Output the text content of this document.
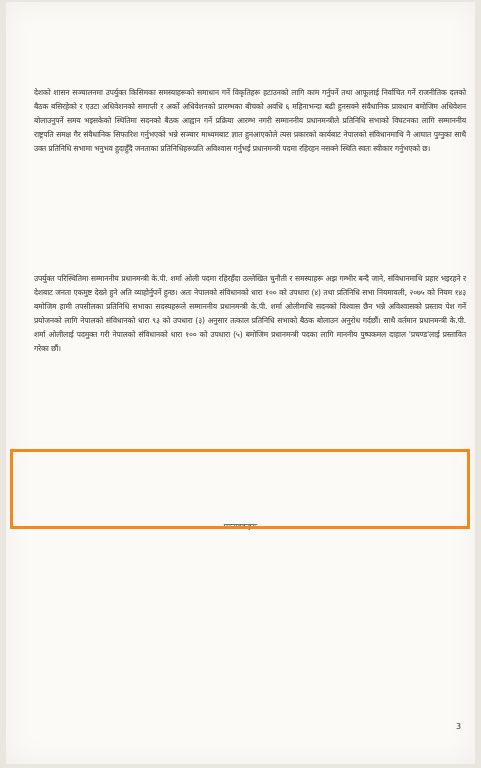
देशको शासन सञ्चालनमा उपर्युक्त किसिमका समस्याहरूको समाधान गर्ने विकृतिहरू हटाउनको लागि काम गर्नुपर्ने तथा आफूलाई निर्वाचित गर्ने राजनीतिक दलको बैठक बसिरहेको र एउटा अधिवेशनको समाप्ती र अर्को अधिवेशनको प्रारम्भका बीचको अवधि ६ महिनाभन्दा बढी हुनसक्ने संवैधानिक प्रावधान बमोजिम अधिवेशन बोलाउनुपर्ने समय भइसकेको स्थितिमा सदनको बैठक आह्वान गर्ने प्रक्रिया आरम्भ नगरी सम्माननीय प्रधानमन्त्रीले प्रतिनिधि सभाको विघटनका लागि सम्माननीय राष्ट्रपति समक्ष गैर संवैधानिक सिफारिश गर्नुभएको भन्ने सञ्चार माध्यमबाट ज्ञात हुनआएकोले त्यस प्रकारको कार्यबाट नेपालको संविधानमाथि नै आघात पुग्नुका साथै उक्त प्रतिनिधि सभामा भनुभव हुदाहुँदै जनताका प्रतिनिधिहरूप्रति अविश्वास गर्नुभई प्रधानमन्त्री पदमा रहिरहन नसक्ने स्थिति स्वतः स्वीकार गर्नुभएको छ।

उपर्युक्त परिस्थितिमा सम्माननीय प्रधानमन्त्री के.पी. शर्मा ओली पदमा रहिरहँदा उल्लेखित चुनौती र समस्याहरू अझ गम्भीर बन्दै जाने, संविधानमाथि प्रहार भइरहने र देशबाट जनता एकमुष्ट देख्ने हुने अति व्याहोर्नुपर्ने हुन्छ। अतः नेपालको संविधानको धारा १०० को उपधारा (४) तथा प्रतिनिधि सभा नियमावली, २०७५ को नियम १४३ बमोजिम हामी तपसीलका प्रतिनिधि सभाका सदस्यहरूले सम्माननीय प्रधानमन्त्री के.पी. शर्मा ओलीमाथि सदनको विश्वास छैन भन्ने अविश्वासको प्रस्ताव पेश गर्ने प्रयोजनको लागि नेपालको संविधानको धारा ९३ को उपधारा (३) अनुसार तत्काल प्रतिनिधि सभाको बैठक बोलाउन अनुरोध गर्दछौं। साथै वर्तमान प्रधानमन्त्री के.पी. शर्मा ओलीलाई पदमुक्त गरी नेपालको संविधानको धारा १०० को उपधारा (५) बमोजिम प्रधानमन्त्री पदका लागि माननीय पुष्पकमल दाहाल 'प्रचण्ड'लाई प्रस्तावित गरेका छौं।

प्रस्तावकहरू
3
